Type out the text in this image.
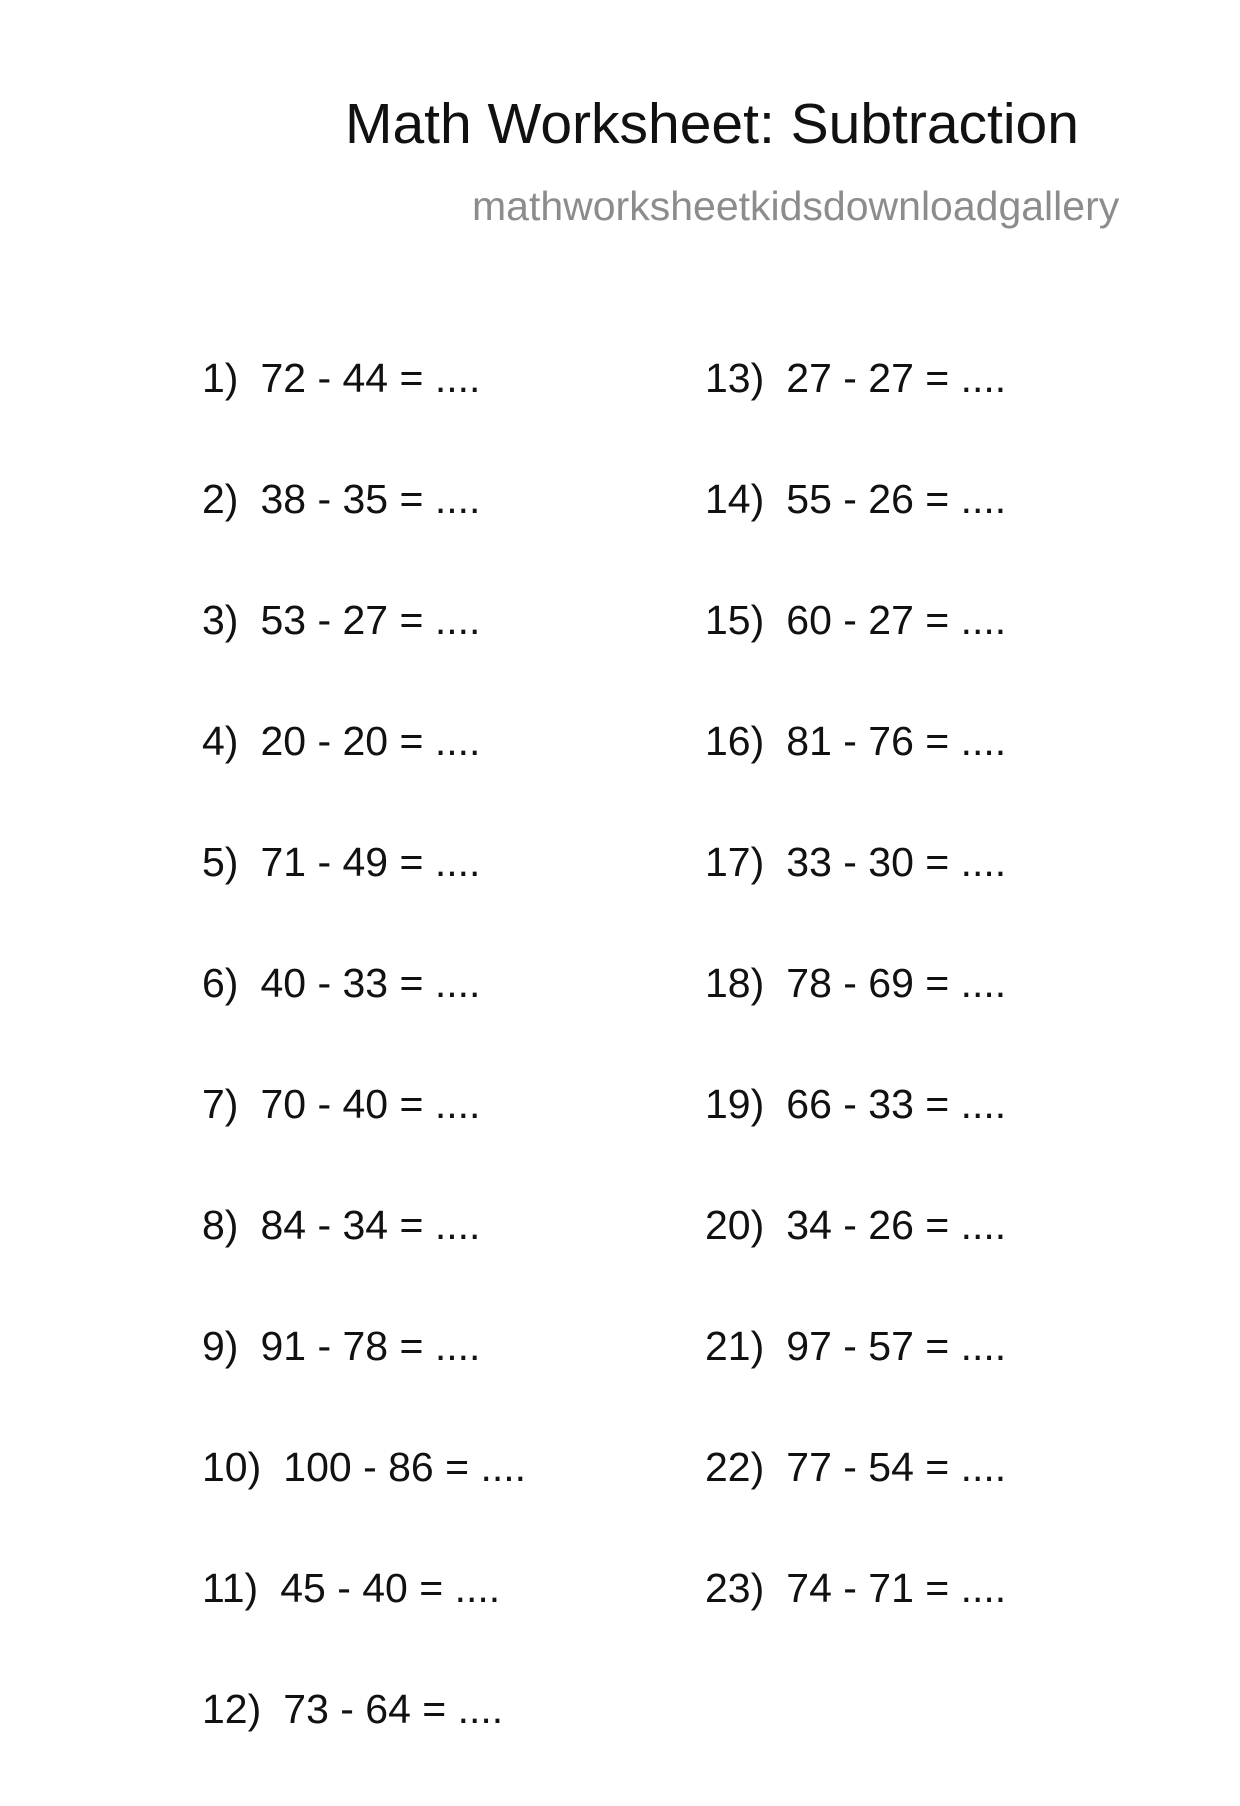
Math Worksheet: Subtraction
mathworksheetkidsdownloadgallery
1) 72 - 44 = ....
2) 38 - 35 = ....
3) 53 - 27 = ....
4) 20 - 20 = ....
5) 71 - 49 = ....
6) 40 - 33 = ....
7) 70 - 40 = ....
8) 84 - 34 = ....
9) 91 - 78 = ....
10) 100 - 86 = ....
11) 45 - 40 = ....
12) 73 - 64 = ....
13) 27 - 27 = ....
14) 55 - 26 = ....
15) 60 - 27 = ....
16) 81 - 76 = ....
17) 33 - 30 = ....
18) 78 - 69 = ....
19) 66 - 33 = ....
20) 34 - 26 = ....
21) 97 - 57 = ....
22) 77 - 54 = ....
23) 74 - 71 = ....
